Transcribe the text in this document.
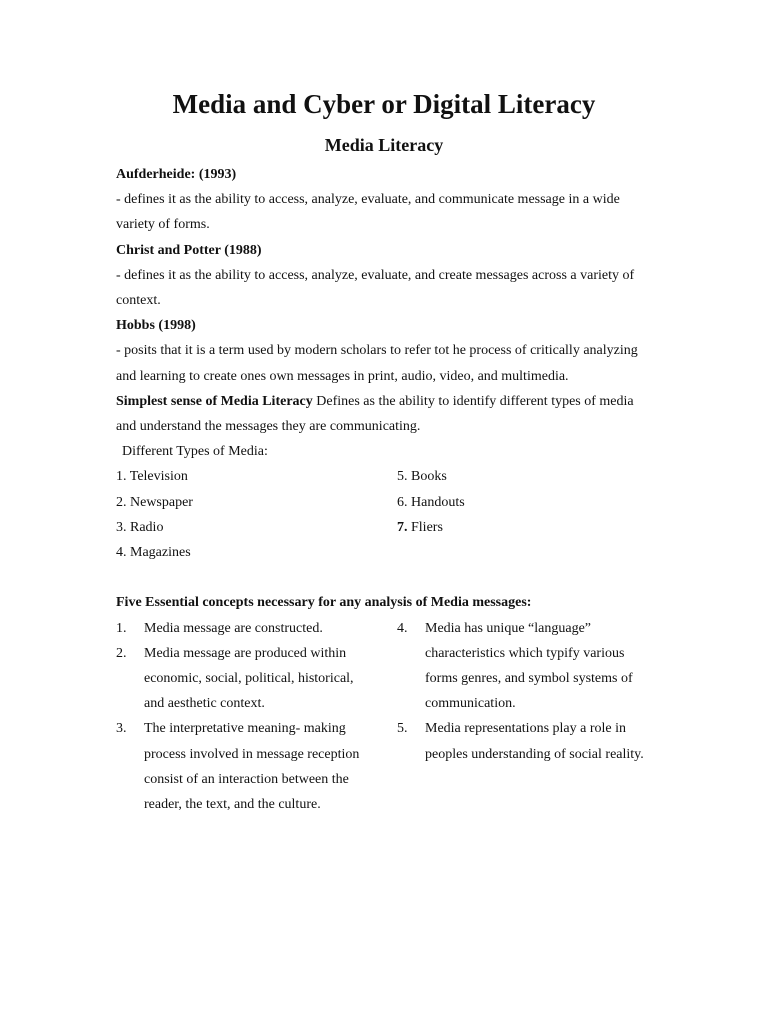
Media and Cyber or Digital Literacy
Media Literacy

Aufderheide: (1993)

- defines it as the ability to access, analyze, evaluate, and communicate message in a wide variety of forms.

Christ and Potter (1988)

- defines it as the ability to access, analyze, evaluate, and create messages across a variety of context.

Hobbs (1998)

- posits that it is a term used by modern scholars to refer tot he process of critically analyzing and learning to create ones own messages in print, audio, video, and multimedia.

Simplest sense of Media Literacy Defines as the ability to identify different types of media and understand the messages they are communicating.

Different Types of Media:

1. Television	5. Books
2. Newspaper	6. Handouts
3. Radio	7. Fliers
4. Magazines	

Five Essential concepts necessary for any analysis of Media messages:

1.	Media message are constructed.
2.	Media message are produced within economic, social, political, historical, and aesthetic context.
3.	The interpretative meaning- making process involved in message reception consist of an interaction between the reader, the text, and the culture.
4.	Media has unique “language” characteristics which typify various forms genres, and symbol systems of communication.
5.	Media representations play a role in peoples understanding of social reality.
